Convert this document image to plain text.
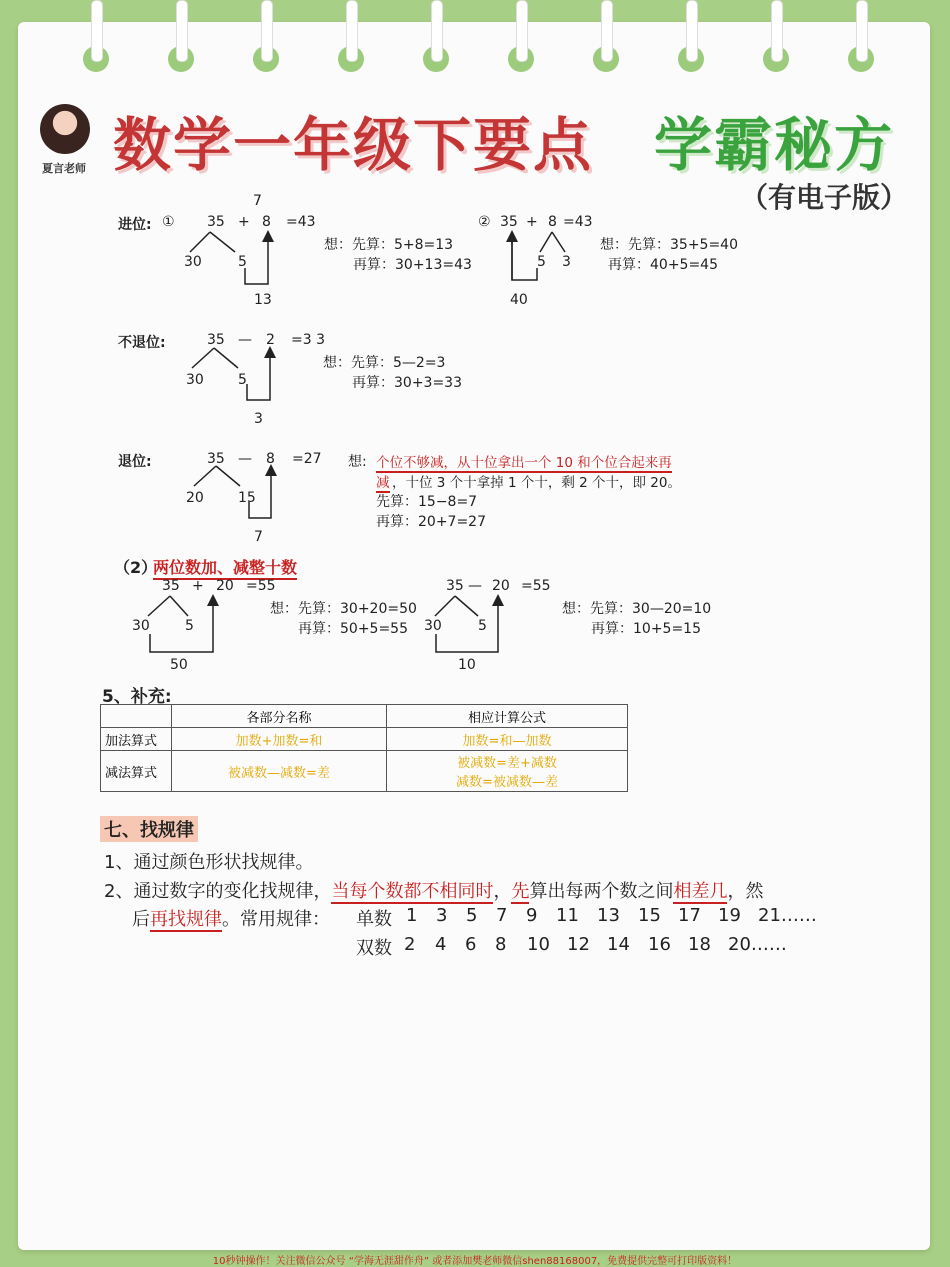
夏言老师 数学一年级下要点 学霸秘方
（有电子版）
进位: ①
7
35 + 8 =43
30	5
13
想：先算：5+8=13
再算：30+13=43
② 35 + 8 =43
5 3
40
想：先算：35+5=40
再算：40+5=45
不退位:	35 — 2 =3 3
30 5
3
想：先算：5—2=3
再算：30+3=33
退位:	35 — 8 =27
20 15
7
想: 个位不够减，从十位拿出一个 10 和个位合起来再
减 ，十位 3 个十拿掉 1 个十，剩 2 个十，即 20。
先算：15−8=7
再算：20+7=27
（2）
两位数加、减整十数
35 + 20 =55
30	5
50
想：先算：30+20=50
再算：50+5=55
35 — 20 =55
30	5
10
想：先算：30—20=10
再算：10+5=15
5、补充:
	各部分名称	相应计算公式
加法算式	加数+加数=和	加数=和—加数
减法算式	被减数—减数=差	被减数=差+减数
减数=被减数—差
七、找规律
1、通过颜色形状找规律。
2、通过数字的变化找规律，当每个数都不相同时，先算出每两个数之间相差几，然
后再找规律。常用规律： 单数 1 3 5 7 9 11 13 15 17 19 21……
双数 2 4 6 8 10 12 14 16 18 20……
10秒钟操作！关注微信公众号 “学海无涯甜作舟” 或者添加樊老师微信shen88168007，免费提供完整可打印版资料！
